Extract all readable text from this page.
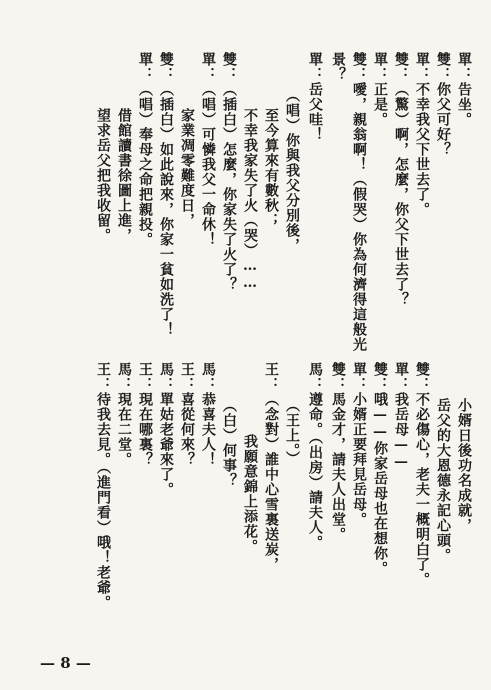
單：告坐。
雙：你父可好？
單：不幸我父下世去了。
雙：（驚）啊，怎麼，你父下世去了？
單：正是。
雙：噯，親翁啊！（假哭）你為何濟得這般光
景？
單：岳父哇！
（唱）你與我父分別後，
至今算來有數秋；
不幸我家失了火（哭）……
雙：（插白）怎麼，你家失了火了？
單：（唱）可憐我父一命休！
家業凋零難度日，
雙：（插白）如此說來，你家一貧如洗了！
單：（唱）奉母之命把親投。
借館讀書徐圖上進，
望求岳父把我收留。
小婿日後功名成就，
岳父的大恩德永記心頭。
雙：不必傷心，老夫一概明白了。
單：我岳母——
雙：哦——你家岳母也在想你。
單：小婿正要拜見岳母。
雙：馬金才，請夫人出堂。
馬：遵命。（出房）請夫人。
（王上。）
王：（念對）誰中心雪裏送炭，
我願意錦上添花。
（白）何事？
馬：恭喜夫人！
王：喜從何來？
馬：單姑老爺來了。
王：現在哪裏？
馬：現在二堂。
王：待我去見。（進門看）哦！老爺。
— 8 —
